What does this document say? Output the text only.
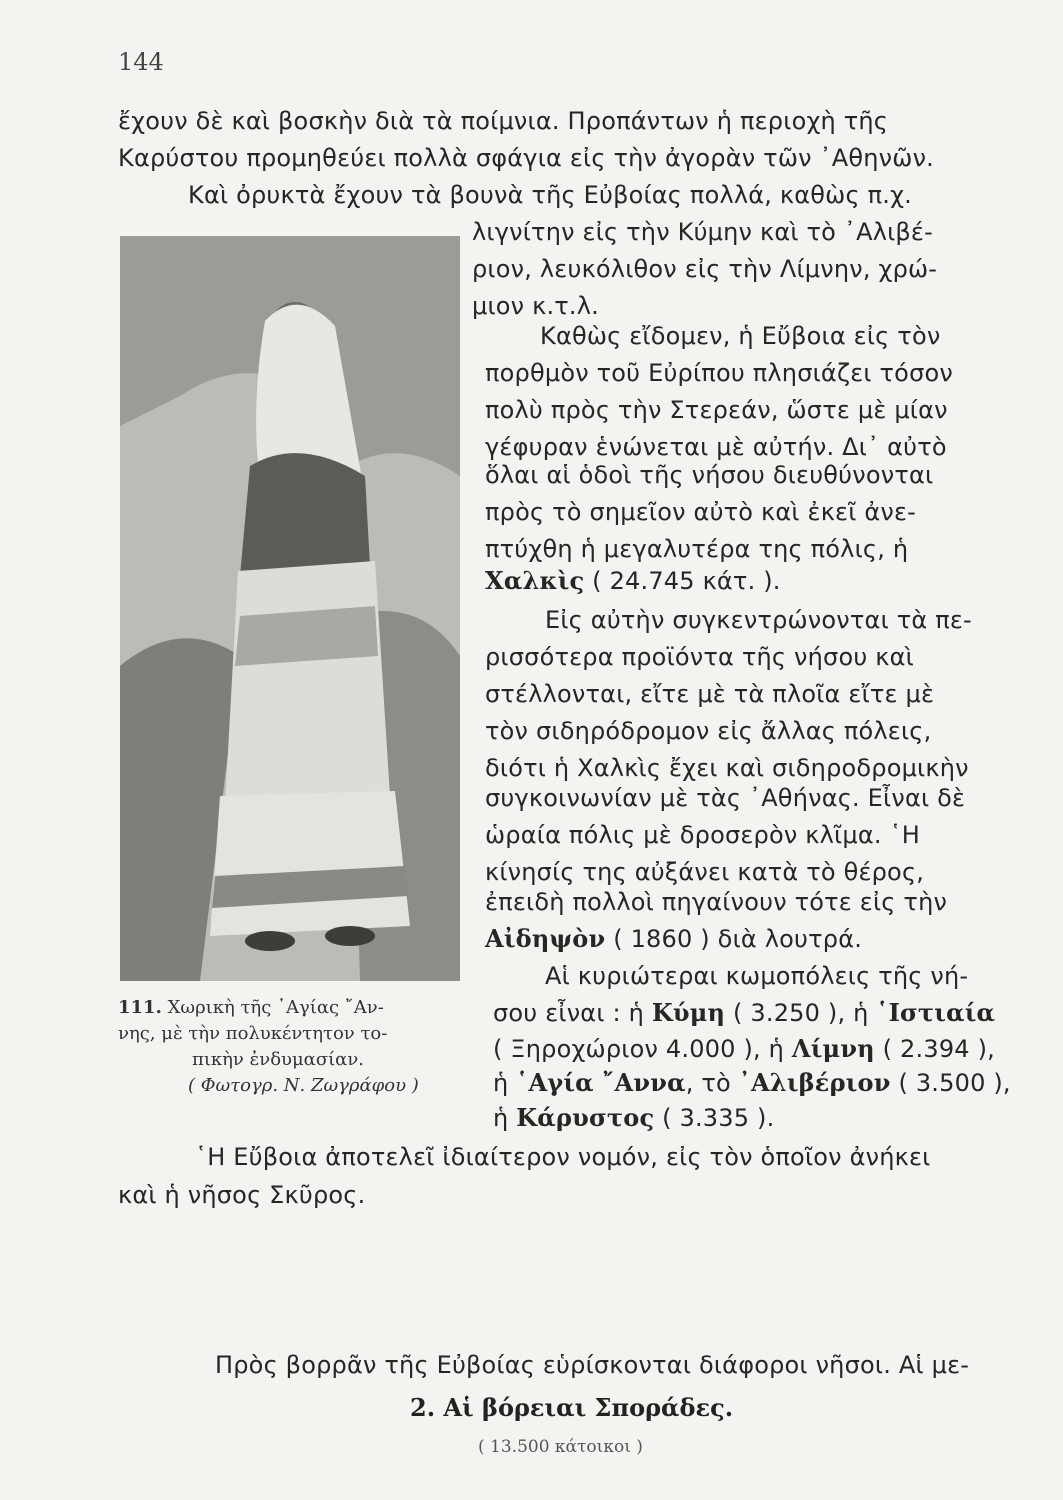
144
ἔχουν δὲ καὶ βοσκὴν διὰ τὰ ποίμνια. Προπάντων ἡ περιοχὴ τῆς
Καρύστου προμηθεύει πολλὰ σφάγια εἰς τὴν ἀγορὰν τῶν ᾿Αθηνῶν.
Καὶ ὀρυκτὰ ἔχουν τὰ βουνὰ τῆς Εὐβοίας πολλά, καθὼς π.χ.
λιγνίτην εἰς τὴν Κύμην καὶ τὸ ᾿Αλιβέ-
ριον, λευκόλιθον εἰς τὴν Λίμνην, χρώ-
μιον κ.τ.λ.
Καθὼς εἴδομεν, ἡ Εὔβοια εἰς τὸν
πορθμὸν τοῦ Εὐρίπου πλησιάζει τόσον
πολὺ πρὸς τὴν Στερεάν, ὥστε μὲ μίαν
γέφυραν ἑνώνεται μὲ αὐτήν. Δι᾿ αὐτὸ
ὅλαι αἱ ὁδοὶ τῆς νήσου διευθύνονται
πρὸς τὸ σημεῖον αὐτὸ καὶ ἐκεῖ ἀνε-
πτύχθη ἡ μεγαλυτέρα της πόλις, ἡ
Χαλκὶς ( 24.745 κάτ. ).
Εἰς αὐτὴν συγκεντρώνονται τὰ πε-
ρισσότερα προϊόντα τῆς νήσου καὶ
στέλλονται, εἴτε μὲ τὰ πλοῖα εἴτε μὲ
τὸν σιδηρόδρομον εἰς ἄλλας πόλεις,
διότι ἡ Χαλκὶς ἔχει καὶ σιδηροδρομικὴν
συγκοινωνίαν μὲ τὰς ᾿Αθήνας. Εἶναι δὲ
ὡραία πόλις μὲ δροσερὸν κλῖμα. ῾Η
κίνησίς της αὐξάνει κατὰ τὸ θέρος,
ἐπειδὴ πολλοὶ πηγαίνουν τότε εἰς τὴν
Αἰδηψὸν ( 1860 ) διὰ λουτρά.
Αἱ κυριώτεραι κωμοπόλεις τῆς νή-
σου εἶναι : ἡ Κύμη ( 3.250 ), ἡ ῾Ιστιαία
( Ξηροχώριον 4.000 ), ἡ Λίμνη ( 2.394 ),
ἡ ῾Αγία ῎Αννα, τὸ ᾿Αλιβέριον ( 3.500 ),
ἡ Κάρυστος ( 3.335 ).
111. Χωρικὴ τῆς ῾Αγίας ῎Αν-
νης, μὲ τὴν πολυκέντητον το-
πικὴν ἐνδυμασίαν.
( Φωτογρ. Ν. Ζωγράφου )
῾Η Εὔβοια ἀποτελεῖ ἰδιαίτερον νομόν, εἰς τὸν ὁποῖον ἀνήκει
καὶ ἡ νῆσος Σκῦρος.
2. Αἱ βόρειαι Σποράδες.
( 13.500 κάτοικοι )
Πρὸς βορρᾶν τῆς Εὐβοίας εὑρίσκονται διάφοροι νῆσοι. Αἱ με-
